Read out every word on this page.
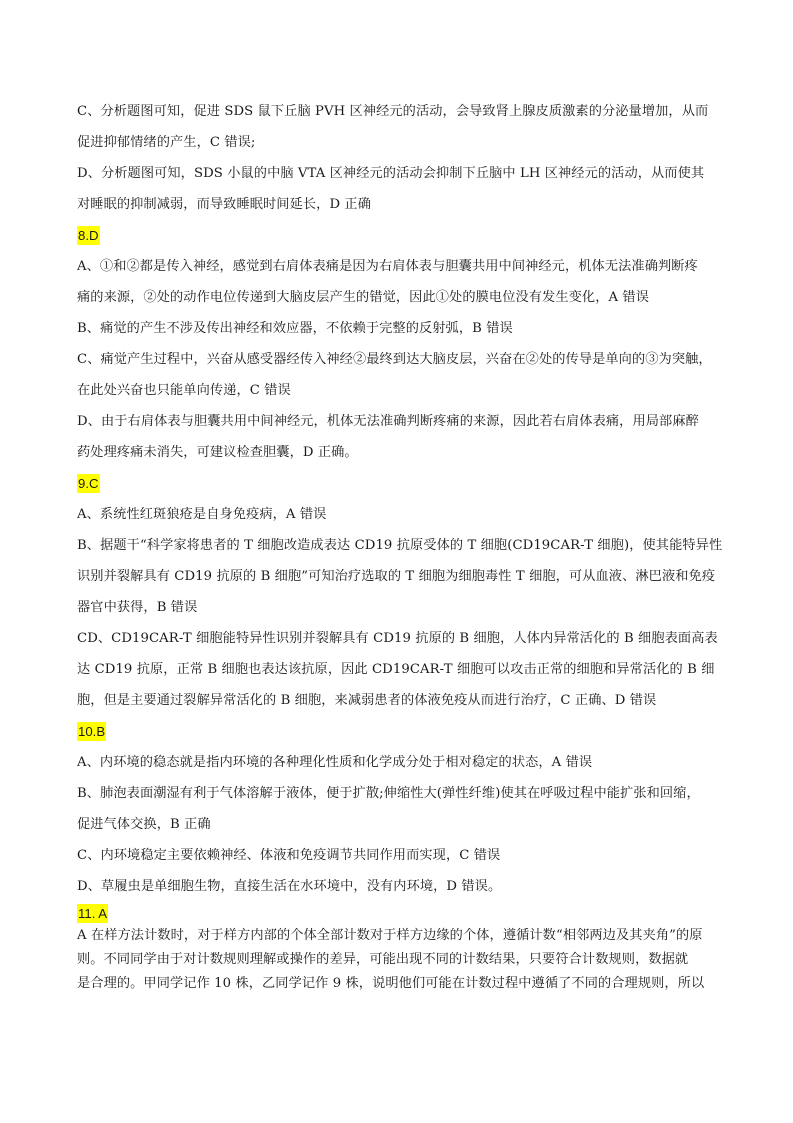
C、分析题图可知，促进 SDS 鼠下丘脑 PVH 区神经元的活动，会导致肾上腺皮质激素的分泌量增加，从而
促进抑郁情绪的产生，C 错误;
D、分析题图可知，SDS 小鼠的中脑 VTA 区神经元的活动会抑制下丘脑中 LH 区神经元的活动，从而使其
对睡眠的抑制减弱，而导致睡眠时间延长，D 正确
8.D
A、①和②都是传入神经，感觉到右肩体表痛是因为右肩体表与胆囊共用中间神经元，机体无法准确判断疼
痛的来源，②处的动作电位传递到大脑皮层产生的错觉，因此①处的膜电位没有发生变化，A 错误
B、痛觉的产生不涉及传出神经和效应器，不依赖于完整的反射弧，B 错误
C、痛觉产生过程中，兴奋从感受器经传入神经②最终到达大脑皮层，兴奋在②处的传导是单向的③为突触，
在此处兴奋也只能单向传递，C 错误
D、由于右肩体表与胆囊共用中间神经元，机体无法准确判断疼痛的来源，因此若右肩体表痛，用局部麻醉
药处理疼痛未消失，可建议检查胆囊，D 正确。
9.C
A、系统性红斑狼疮是自身免疫病，A 错误
B、据题干“科学家将患者的 T 细胞改造成表达 CD19 抗原受体的 T 细胞(CD19CAR-T 细胞)，使其能特异性
识别并裂解具有 CD19 抗原的 B 细胞”可知治疗选取的 T 细胞为细胞毒性 T 细胞，可从血液、淋巴液和免疫
器官中获得，B 错误
CD、CD19CAR-T 细胞能特异性识别并裂解具有 CD19 抗原的 B 细胞，人体内异常活化的 B 细胞表面高表
达 CD19 抗原，正常 B 细胞也表达该抗原，因此 CD19CAR-T 细胞可以攻击正常的细胞和异常活化的 B 细
胞，但是主要通过裂解异常活化的 B 细胞，来减弱患者的体液免疫从而进行治疗，C 正确、D 错误
10.B
A、内环境的稳态就是指内环境的各种理化性质和化学成分处于相对稳定的状态，A 错误
B、肺泡表面潮湿有利于气体溶解于液体，便于扩散;伸缩性大(弹性纤维)使其在呼吸过程中能扩张和回缩，
促进气体交换，B 正确
C、内环境稳定主要依赖神经、体液和免疫调节共同作用而实现，C 错误
D、草履虫是单细胞生物，直接生活在水环境中，没有内环境，D 错误。
11. A
A 在样方法计数时，对于样方内部的个体全部计数对于样方边缘的个体，遵循计数“相邻两边及其夹角”的原
则。不同同学由于对计数规则理解或操作的差异，可能出现不同的计数结果，只要符合计数规则，数据就
是合理的。甲同学记作 10 株，乙同学记作 9 株，说明他们可能在计数过程中遵循了不同的合理规则，所以
